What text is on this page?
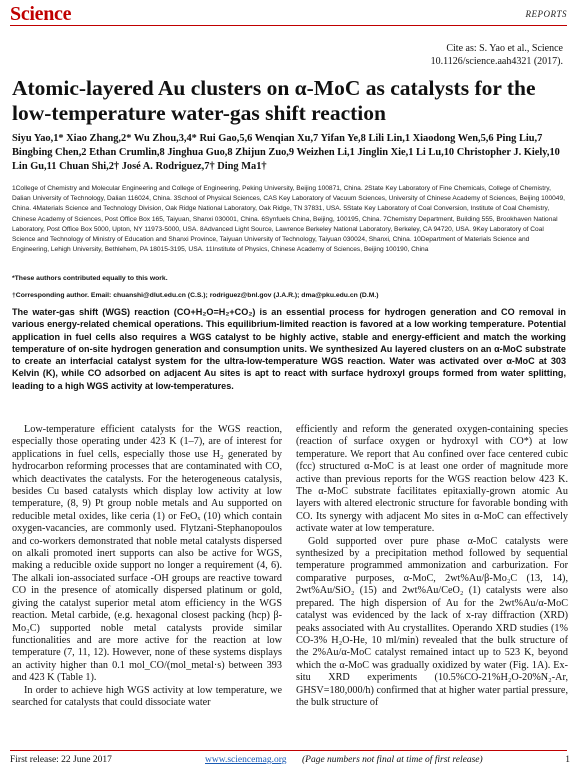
Science	REPORTS
Cite as: S. Yao et al., Science
10.1126/science.aah4321 (2017).
Atomic-layered Au clusters on α-MoC as catalysts for the low-temperature water-gas shift reaction
Siyu Yao,1* Xiao Zhang,2* Wu Zhou,3,4* Rui Gao,5,6 Wenqian Xu,7 Yifan Ye,8 Lili Lin,1 Xiaodong Wen,5,6 Ping Liu,7 Bingbing Chen,2 Ethan Crumlin,8 Jinghua Guo,8 Zhijun Zuo,9 Weizhen Li,1 Jinglin Xie,1 Li Lu,10 Christopher J. Kiely,10 Lin Gu,11 Chuan Shi,2† José A. Rodriguez,7† Ding Ma1†
1College of Chemistry and Molecular Engineering and College of Engineering, Peking University, Beijing 100871, China. 2State Key Laboratory of Fine Chemicals, College of Chemistry, Dalian University of Technology, Dalian 116024, China. 3School of Physical Sciences, CAS Key Laboratory of Vacuum Sciences, University of Chinese Academy of Sciences, Beijing 100049, China. 4Materials Science and Technology Division, Oak Ridge National Laboratory, Oak Ridge, TN 37831, USA. 5State Key Laboratory of Coal Conversion, Institute of Coal Chemistry, Chinese Academy of Sciences, Post Office Box 165, Taiyuan, Shanxi 030001, China. 6Synfuels China, Beijing, 100195, China. 7Chemistry Department, Building 555, Brookhaven National Laboratory, Post Office Box 5000, Upton, NY 11973-5000, USA. 8Advanced Light Source, Lawrence Berkeley National Laboratory, Berkeley, CA 94720, USA. 9Key Laboratory of Coal Science and Technology of Ministry of Education and Shanxi Province, Taiyuan University of Technology, Taiyuan 030024, Shanxi, China. 10Department of Materials Science and Engineering, Lehigh University, Bethlehem, PA 18015-3195, USA. 11Institute of Physics, Chinese Academy of Sciences, Beijing 100190, China
*These authors contributed equally to this work.
†Corresponding author. Email: chuanshi@dlut.edu.cn (C.S.); rodriguez@bnl.gov (J.A.R.); dma@pku.edu.cn (D.M.)
The water-gas shift (WGS) reaction (CO+H₂O=H₂+CO₂) is an essential process for hydrogen generation and CO removal in various energy-related chemical operations. This equilibrium-limited reaction is favored at a low working temperature. Potential application in fuel cells also requires a WGS catalyst to be highly active, stable and energy-efficient and match the working temperature of on-site hydrogen generation and consumption units. We synthesized Au layered clusters on an α-MoC substrate to create an interfacial catalyst system for the ultra-low-temperature WGS reaction. Water was activated over α-MoC at 303 Kelvin (K), while CO adsorbed on adjacent Au sites is apt to react with surface hydroxyl groups formed from water splitting, leading to a high WGS activity at low-temperatures.

Low-temperature efficient catalysts for the WGS reaction, especially those operating under 423 K (1–7), are of interest for applications in fuel cells, especially those use H₂ generated by hydrocarbon reforming processes that are contaminated with CO, which deactivates the catalysts. For the heterogeneous catalysis, besides Cu based catalysts which display low activity at low temperature, (8, 9) Pt group noble metals and Au supported on reducible metal oxides, like ceria (1) or FeOₓ (10) which contain oxygen-vacancies, are commonly used. Flytzani-Stephanopoulos and co-workers demonstrated that noble metal catalysts dispersed on alkali promoted inert supports can also be active for WGS, making a reducible oxide support no longer a requirement (4, 6). The alkali ion-associated surface -OH groups are reactive toward CO in the presence of atomically dispersed platinum or gold, giving the catalyst superior metal atom efficiency in the WGS reaction. Metal carbide, (e.g. hexagonal closest packing (hcp) β-Mo₂C) supported noble metal catalysts provide similar functionalities and are more active for the reaction at low temperature (7, 11, 12). However, none of these systems displays an activity higher than 0.1 mol_CO/(mol_metal·s) between 393 and 423 K (Table 1).

In order to achieve high WGS activity at low temperature, we searched for catalysts that could dissociate water

efficiently and reform the generated oxygen-containing species (reaction of surface oxygen or hydroxyl with CO*) at low temperature. We report that Au confined over face centered cubic (fcc) structured α-MoC is at least one order of magnitude more active than previous reports for the WGS reaction below 423 K. The α-MoC substrate facilitates epitaxially-grown atomic Au layers with altered electronic structure for favorable bonding with CO. Its synergy with adjacent Mo sites in α-MoC can effectively activate water at low temperature.

Gold supported over pure phase α-MoC catalysts were synthesized by a precipitation method followed by sequential temperature programmed ammonization and carburization. For comparative purposes, α-MoC, 2wt%Au/β-Mo₂C (13, 14), 2wt%Au/SiO₂ (15) and 2wt%Au/CeO₂ (1) catalysts were also prepared. The high dispersion of Au for the 2wt%Au/α-MoC catalyst was evidenced by the lack of x-ray diffraction (XRD) peaks associated with Au crystallites. Operando XRD studies (1% CO-3% H₂O-He, 10 ml/min) revealed that the bulk structure of the 2%Au/α-MoC catalyst remained intact up to 523 K, beyond which the α-MoC was gradually oxidized by water (Fig. 1A). Ex-situ XRD experiments (10.5%CO-21%H₂O-20%N₂-Ar, GHSV=180,000/h) confirmed that at higher water partial pressure, the bulk structure of

First release: 22 June 2017	www.sciencemag.org (Page numbers not final at time of first release)	1
